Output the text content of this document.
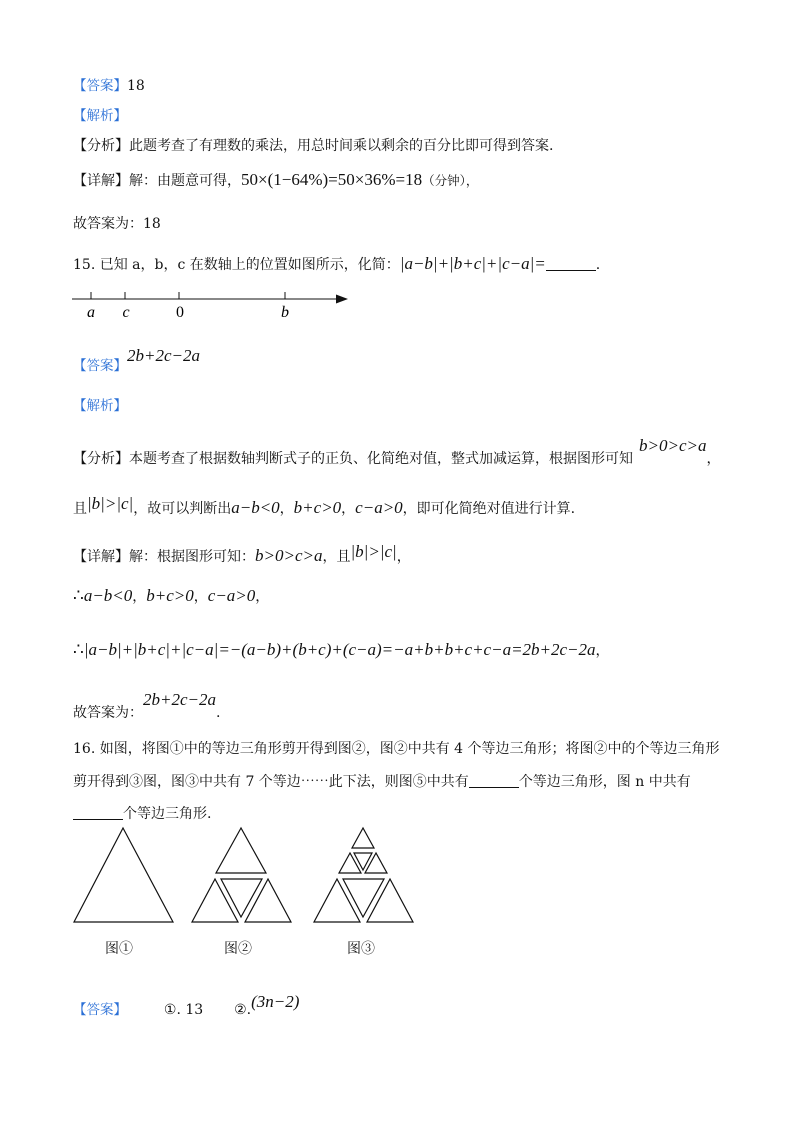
【答案】18
【解析】
【分析】此题考查了有理数的乘法，用总时间乘以剩余的百分比即可得到答案.
【详解】解：由题意可得，50×(1−64%)=50×36%=18（分钟），
故答案为：18
15. 已知 a，b，c 在数轴上的位置如图所示，化简：|a−b|+|b+c|+|c−a|=	.
a c	0	b
【答案】2b+2c−2a
【解析】
【分析】本题考查了根据数轴判断式子的正负、化简绝对值，整式加减运算，根据图形可知b>0>c>a，
且|b|>|c|，故可以判断出a−b<0，b+c>0，c−a>0，即可化简绝对值进行计算.
【详解】解：根据图形可知：b>0>c>a，且|b|>|c|，
∴a−b<0，b+c>0，c−a>0，
∴|a−b|+|b+c|+|c−a|=−(a−b)+(b+c)+(c−a)=−a+b+b+c+c−a=2b+2c−2a，
故答案为：2b+2c−2a.
16. 如图，将图①中的等边三角形剪开得到图②，图②中共有 4 个等边三角形；将图②中的个等边三角形
剪开得到③图，图③中共有 7 个等边⋯⋯此下法，则图⑤中共有	个等边三角形，图 n 中共有
个等边三角形.
图①	图②	图③
【答案】	①. 13 ②.(3n−2)
